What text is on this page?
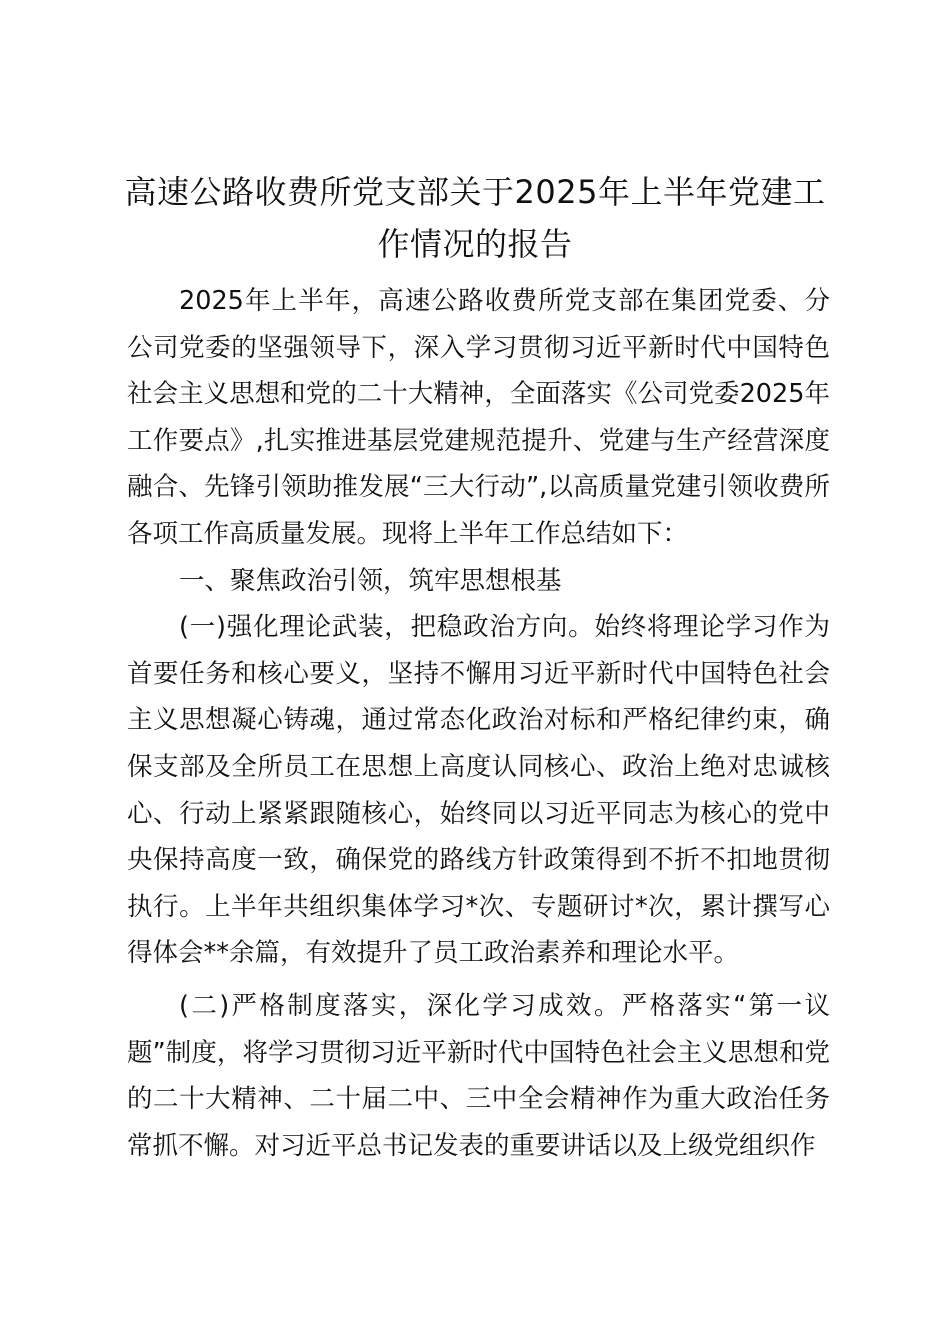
高速公路收费所党支部关于2025年上半年党建工作情况的报告

2025年上半年，高速公路收费所党支部在集团党委、分公司党委的坚强领导下，深入学习贯彻习近平新时代中国特色社会主义思想和党的二十大精神，全面落实《公司党委2025年工作要点》,扎实推进基层党建规范提升、党建与生产经营深度融合、先锋引领助推发展“三大行动”,以高质量党建引领收费所各项工作高质量发展。现将上半年工作总结如下：

一、聚焦政治引领，筑牢思想根基

(一)强化理论武装，把稳政治方向。始终将理论学习作为首要任务和核心要义，坚持不懈用习近平新时代中国特色社会主义思想凝心铸魂，通过常态化政治对标和严格纪律约束，确保支部及全所员工在思想上高度认同核心、政治上绝对忠诚核心、行动上紧紧跟随核心，始终同以习近平同志为核心的党中央保持高度一致，确保党的路线方针政策得到不折不扣地贯彻执行。上半年共组织集体学习*次、专题研讨*次，累计撰写心得体会**余篇，有效提升了员工政治素养和理论水平。

(二)严格制度落实，深化学习成效。严格落实“第一议题”制度，将学习贯彻习近平新时代中国特色社会主义思想和党的二十大精神、二十届二中、三中全会精神作为重大政治任务常抓不懈。对习近平总书记发表的重要讲话以及上级党组织作
